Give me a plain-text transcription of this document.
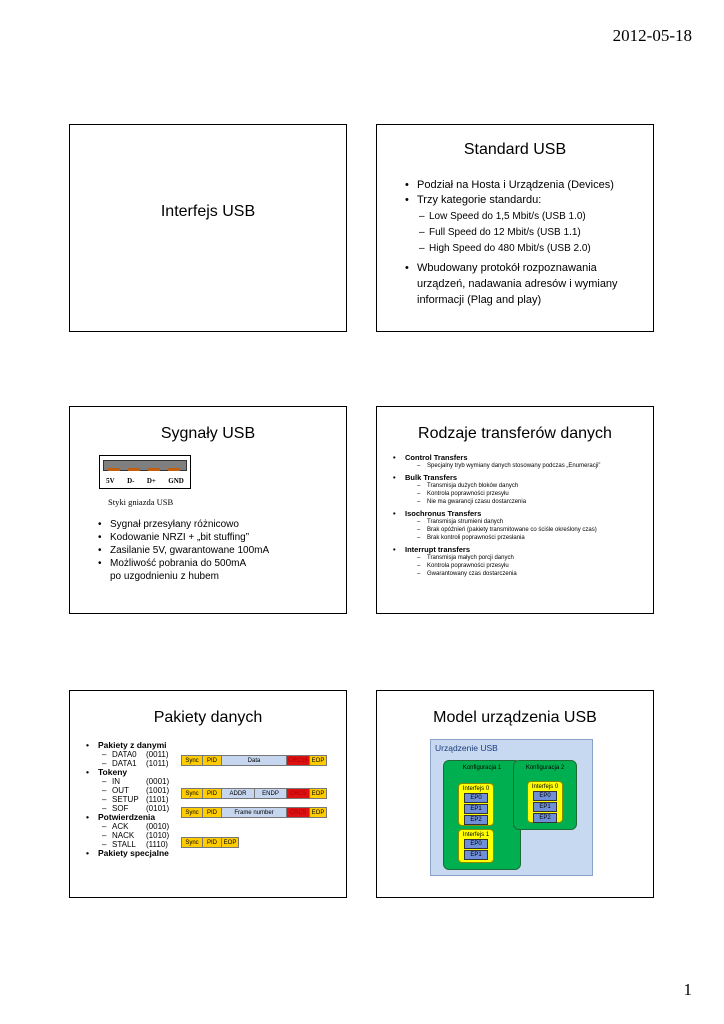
2012-05-18
Interfejs USB
Standard USB
• Podział na Hosta i Urządzenia (Devices)
• Trzy kategorie standardu:
– Low Speed do 1,5 Mbit/s (USB 1.0)
– Full Speed do 12 Mbit/s (USB 1.1)
– High Speed do 480 Mbit/s (USB 2.0)
• Wbudowany protokół rozpoznawania urządzeń, nadawania adresów i wymiany informacji (Plag and play)
Sygnały USB
5V D- D+ GND
Styki gniazda USB
• Sygnał przesyłany różnicowo
• Kodowanie NRZI + „bit stuffing”
• Zasilanie 5V, gwarantowane 100mA
• Możliwość pobrania do 500mA
po uzgodnieniu z hubem
Rodzaje transferów danych
• Control Transfers
– Specjalny tryb wymiany danych stosowany podczas „Enumeracji”
• Bulk Transfers
– Transmisja dużych bloków danych
– Kontrola poprawności przesyłu
– Nie ma gwarancji czasu dostarczenia
• Isochronus Transfers
– Transmisja strumieni danych
– Brak opóźnień (pakiety transmitowane co ściśle określony czas)
– Brak kontroli poprawności przesłania
• Interrupt transfers
– Transmisja małych porcji danych
– Kontrola poprawności przesyłu
– Gwarantowany czas dostarczenia
Pakiety danych
• Pakiety z danymi
– DATA0 (0011)
– DATA1 (1011)
• Tokeny
– IN	(0001)
– OUT (1001)
– SETUP (1101)
– SOF (0101)
• Potwierdzenia
– ACK (0010)
– NACK (1010)
– STALL (1110)
• Pakiety specjalne
Sync	PID	Data	CRC16 EOP
Sync	PID	ADDR	ENDP	CRC5 EOP
Sync	PID	Frame number	CRC5 EOP
Sync	PID	EOP
Model urządzenia USB
Urządzenie USB
Konfiguracja 1
Interfejs 0
EP0
EP1
EP2
Interfejs 1
EP0
EP1
Konfiguracja 2
Interfejs 0
EP0
EP1
EP2
1
